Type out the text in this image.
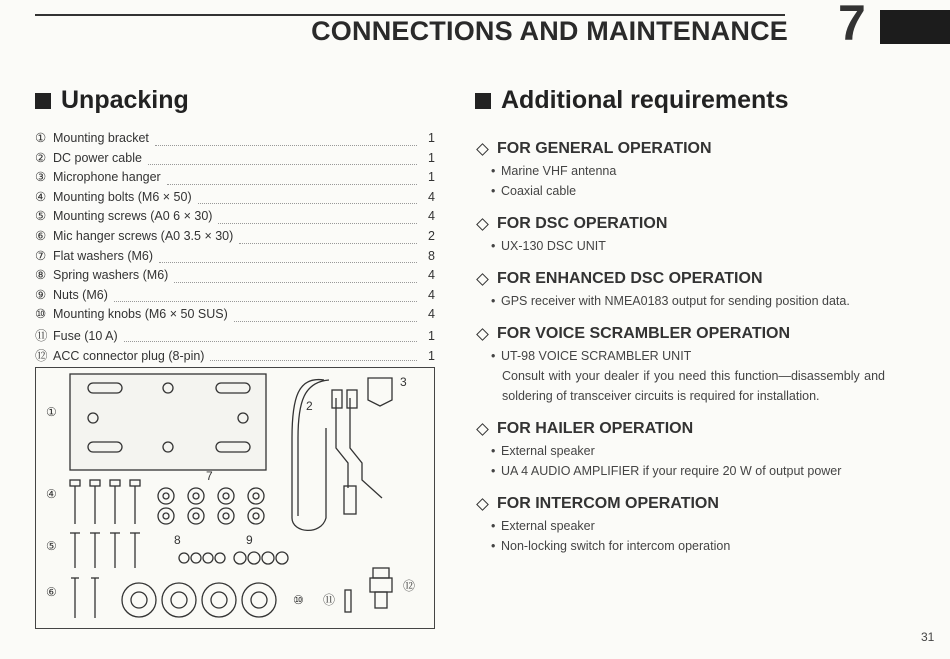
CONNECTIONS AND MAINTENANCE 7
Unpacking
① Mounting bracket	1
② DC power cable	1
③ Microphone hanger	1
④ Mounting bolts (M6 × 50)	4
⑤ Mounting screws (A0 6 × 30)	4
⑥ Mic hanger screws (A0 3.5 × 30)	2
⑦ Flat washers (M6)	8
⑧ Spring washers (M6)	4
⑨ Nuts (M6)	4
⑩ Mounting knobs (M6 × 50 SUS)	4
⑪ Fuse (10 A)	1
⑫ ACC connector plug (8-pin)	1
①	2
3
④
7
⑤	8	9
⑥
⑩ ⑪
⑫
Additional requirements
FOR GENERAL OPERATION
• Marine VHF antenna
• Coaxial cable
FOR DSC OPERATION
• UX-130 DSC UNIT
FOR ENHANCED DSC OPERATION
• GPS receiver with NMEA0183 output for sending position data.
FOR VOICE SCRAMBLER OPERATION
• UT-98 VOICE SCRAMBLER UNIT
Consult with your dealer if you need this function—disassembly and soldering of transceiver circuits is required for installation.
FOR HAILER OPERATION
• External speaker
• UA 4 AUDIO AMPLIFIER if your require 20 W of output power
FOR INTERCOM OPERATION
• External speaker
• Non-locking switch for intercom operation
31
